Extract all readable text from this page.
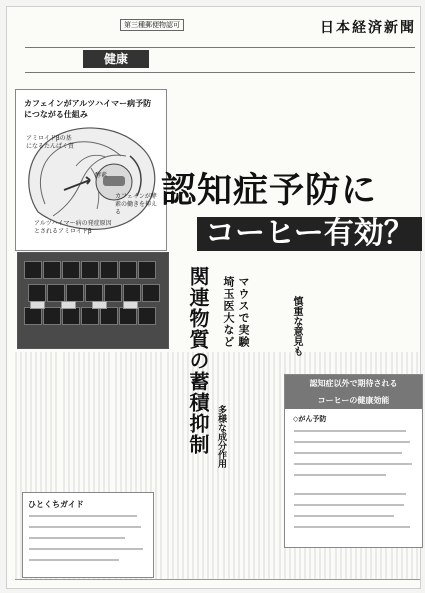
第三種郵便物認可	日本経済新聞
健康
カフェインがアルツハイマー病予防につながる仕組み
アミロイドβの基になるたんぱく質
酵素
カフェインが酵素の働きを抑える
アルツハイマー病の発症原因とされるアミロイドβ
認知症予防に
コーヒー有効？
マウスで実験
埼玉医大など
関連物質の蓄積抑制 多様な成分作用
慎重な意見も
認知症以外で期待される
コーヒーの健康効能
◇がん予防
ひとくちガイド
